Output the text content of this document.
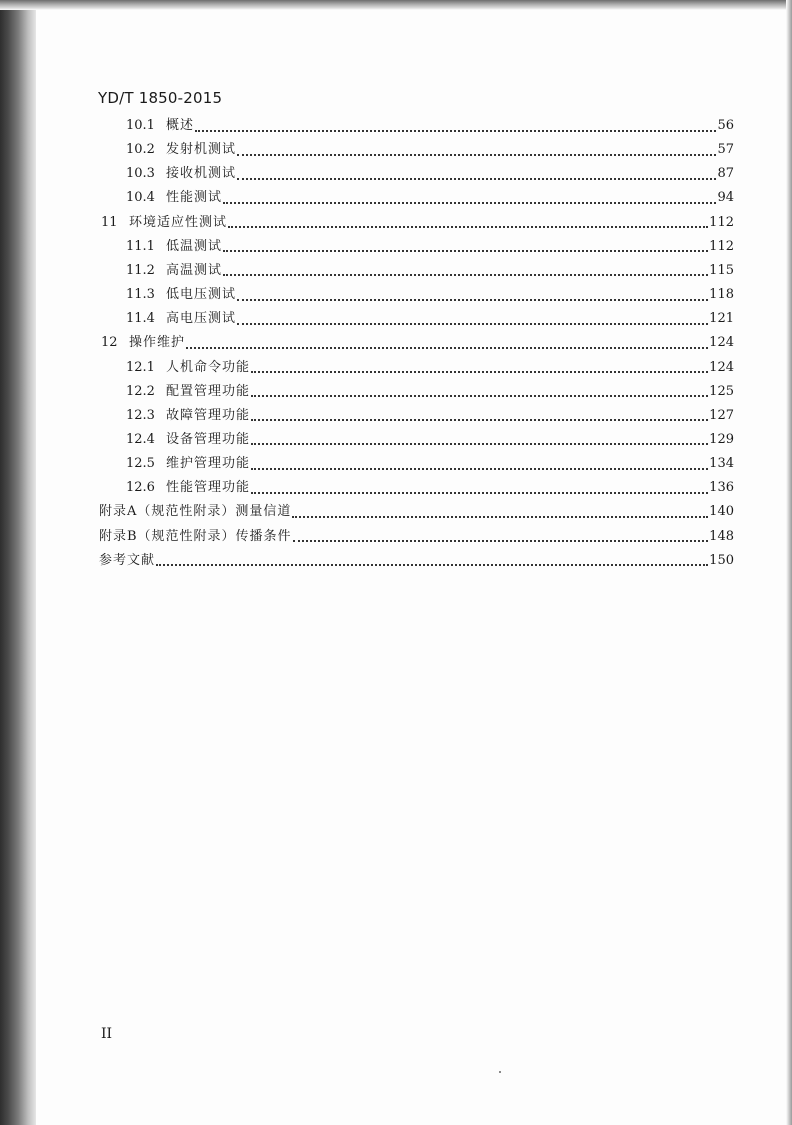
YD/T 1850-2015
10.1 概述	56
10.2 发射机测试	57
10.3 接收机测试	87
10.4 性能测试	94
11 环境适应性测试	112
11.1 低温测试	112
11.2 高温测试	115
11.3 低电压测试	118
11.4 高电压测试	121
12 操作维护	124
12.1 人机命令功能	124
12.2 配置管理功能	125
12.3 故障管理功能	127
12.4 设备管理功能	129
12.5 维护管理功能	134
12.6 性能管理功能	136
附录A（规范性附录）测量信道	140
附录B（规范性附录）传播条件	148
参考文献	150
II
